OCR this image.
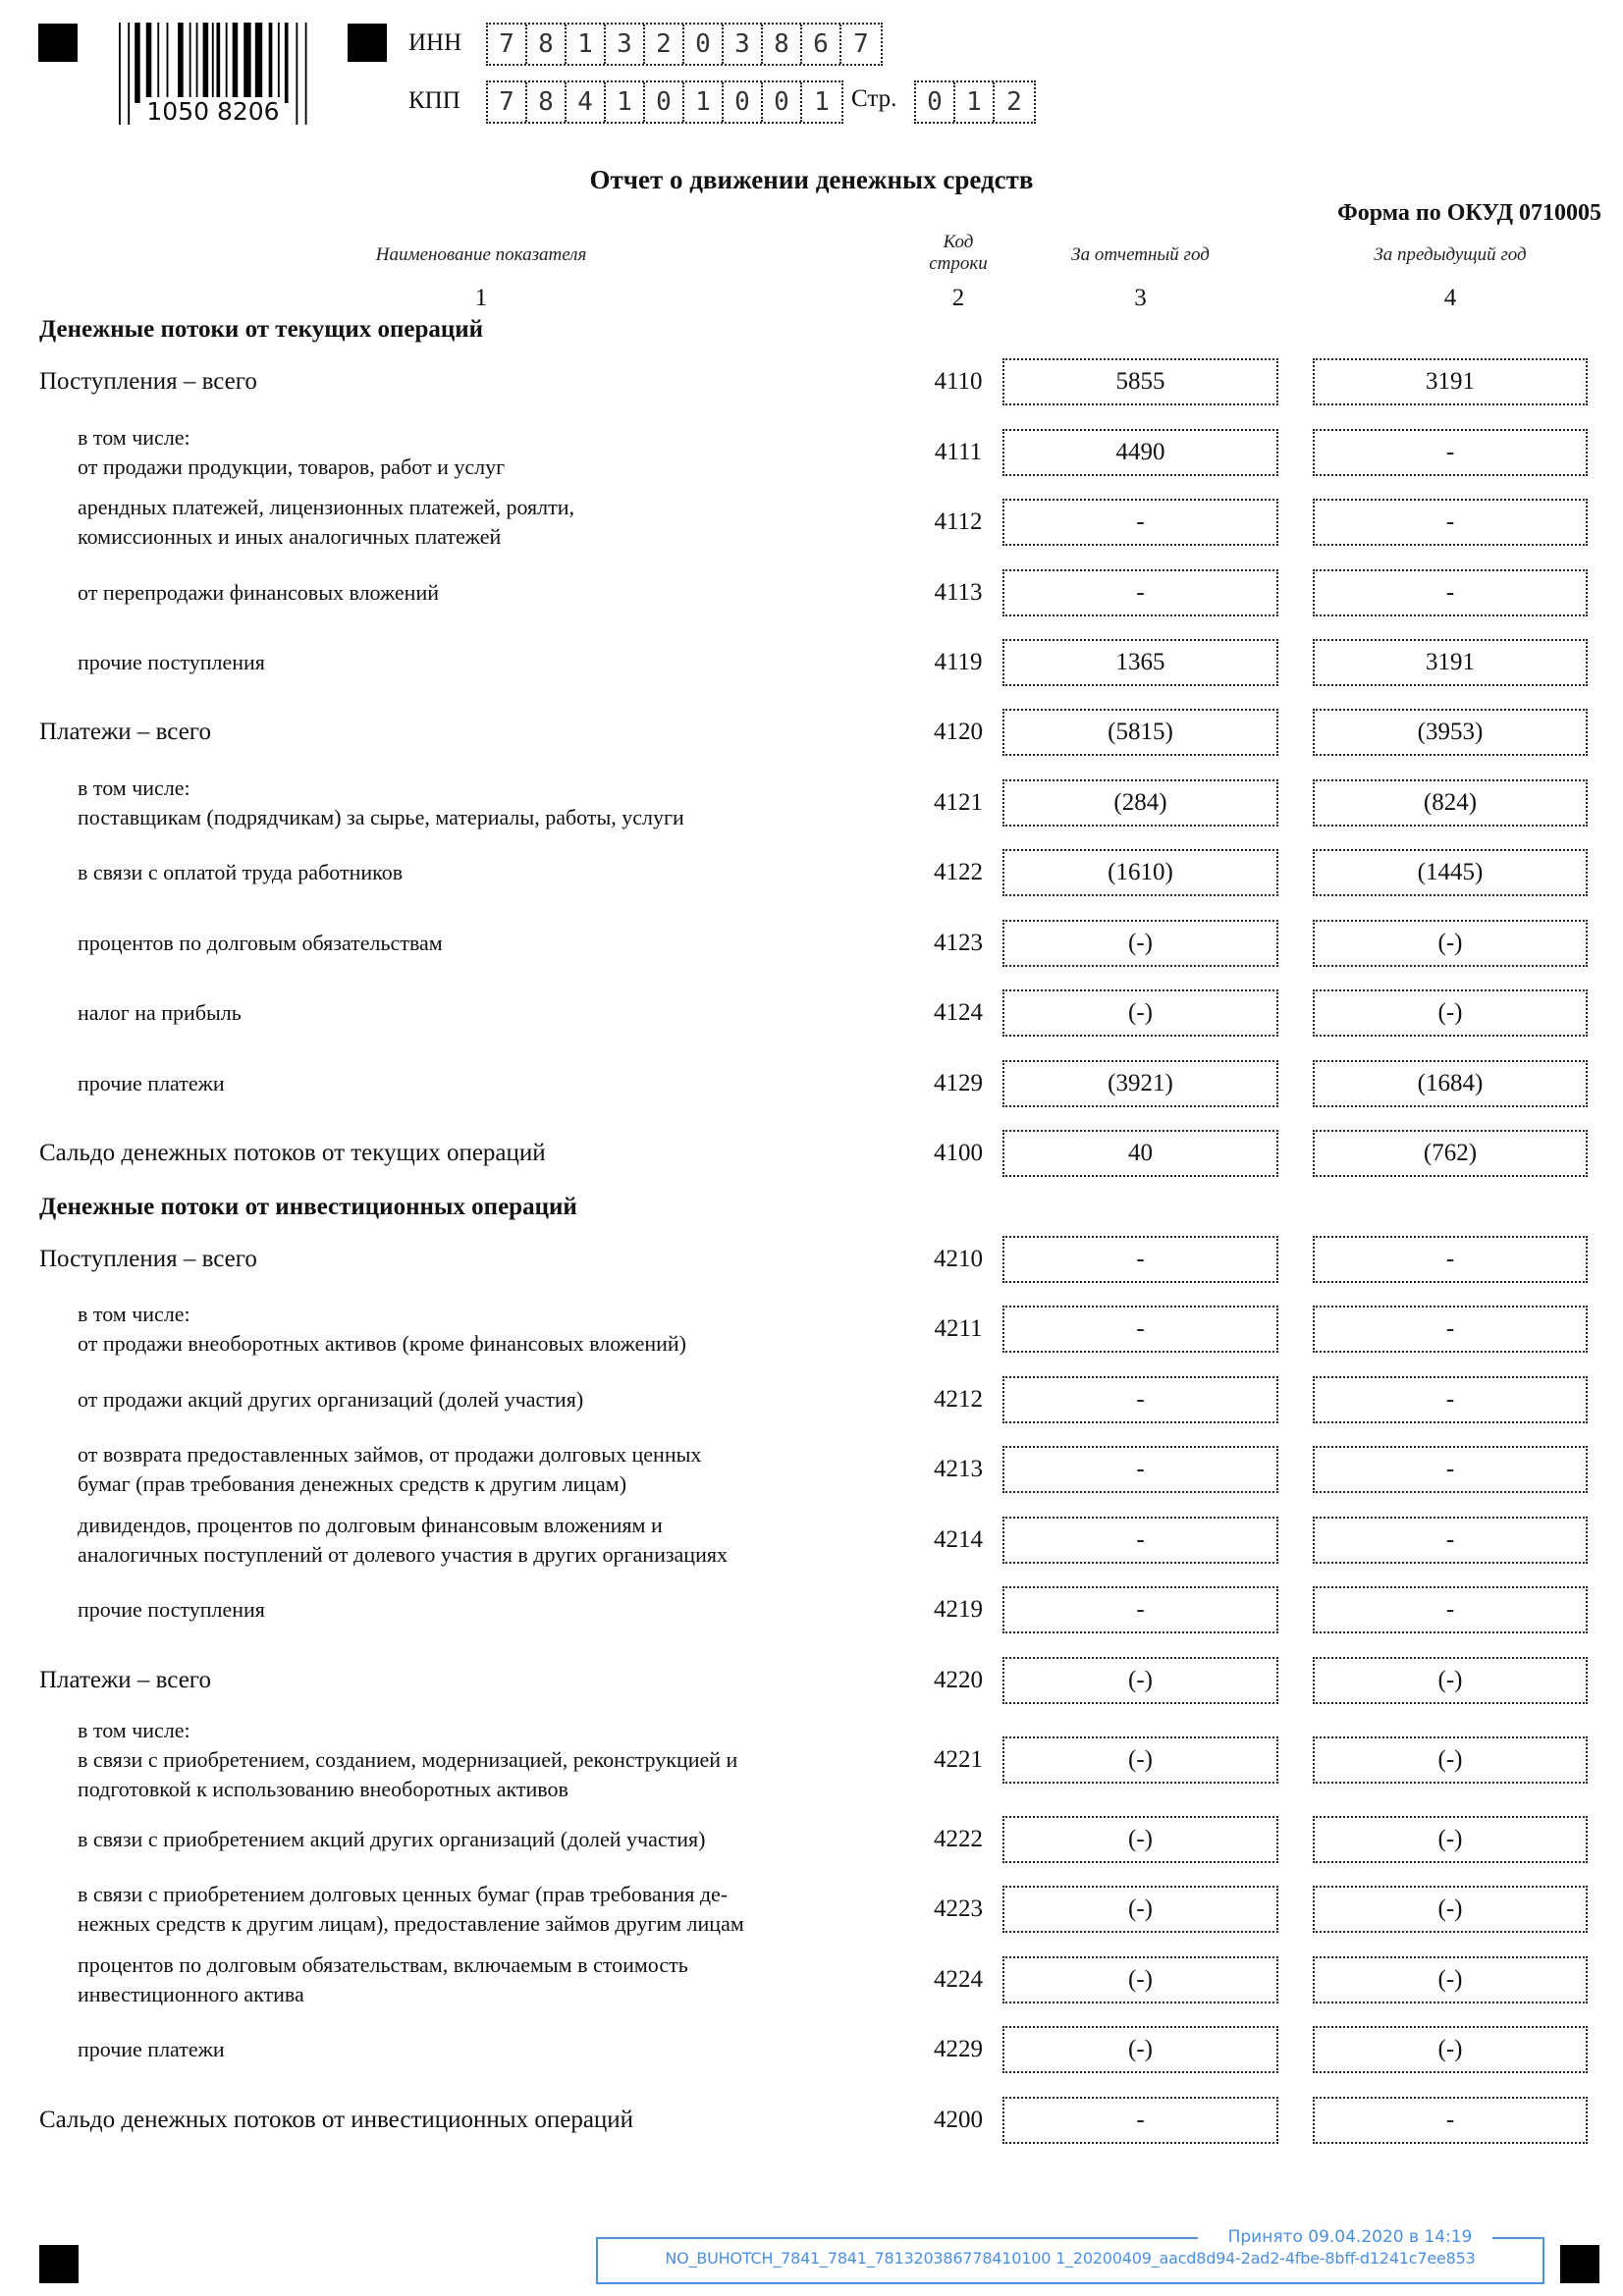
1050 8206
ИНН	7 8 1 3 2 0 3 8 6 7
КПП	7 8 4 1 0 1 0 0 1 Стр.	0 1 2
Отчет о движении денежных средств
Форма по ОКУД 0710005
Наименование показателя
Код
строки	За отчетный год	За предыдущий год
1	2	3	4
Денежные потоки от текущих операций
Денежные потоки от инвестиционных операций
Поступления – всего	4110	5855	3191
в том числе:
от продажи продукции, товаров, работ и услуг
4111	4490	-
арендных платежей, лицензионных платежей, роялти,
комиссионных и иных аналогичных платежей
4112	-	-
от перепродажи финансовых вложений	4113	-	-
прочие поступления	4119	1365	3191
Платежи – всего	4120	(5815)	(3953)
в том числе:
поставщикам (подрядчикам) за сырье, материалы, работы, услуги
4121	(284)	(824)
в связи с оплатой труда работников	4122	(1610)	(1445)
процентов по долговым обязательствам	4123	(-)	(-)
налог на прибыль	4124	(-)	(-)
прочие платежи	4129	(3921)	(1684)
Сальдо денежных потоков от текущих операций	4100	40	(762)
Поступления – всего	4210	-	-
в том числе:
от продажи внеоборотных активов (кроме финансовых вложений)
4211	-	-
от продажи акций других организаций (долей участия)	4212	-	-
от возврата предоставленных займов, от продажи долговых ценных
бумаг (прав требования денежных средств к другим лицам)
4213	-	-
дивидендов, процентов по долговым финансовым вложениям и
аналогичных поступлений от долевого участия в других организациях
4214	-	-
прочие поступления	4219	-	-
Платежи – всего	4220	(-)	(-)
в том числе:
в связи с приобретением, созданием, модернизацией, реконструкцией и
подготовкой к использованию внеоборотных активов
4221	(-)	(-)
в связи с приобретением акций других организаций (долей участия)	4222	(-)	(-)
в связи с приобретением долговых ценных бумаг (прав требования де-
нежных средств к другим лицам), предоставление займов другим лицам
4223	(-)	(-)
процентов по долговым обязательствам, включаемым в стоимость
инвестиционного актива
4224	(-)	(-)
прочие платежи	4229	(-)	(-)
Сальдо денежных потоков от инвестиционных операций	4200	-	-
Принято 09.04.2020 в 14:19
NO_BUHOTCH_7841_7841_781320386778410100 1_20200409_aacd8d94-2ad2-4fbe-8bff-d1241c7ee853
